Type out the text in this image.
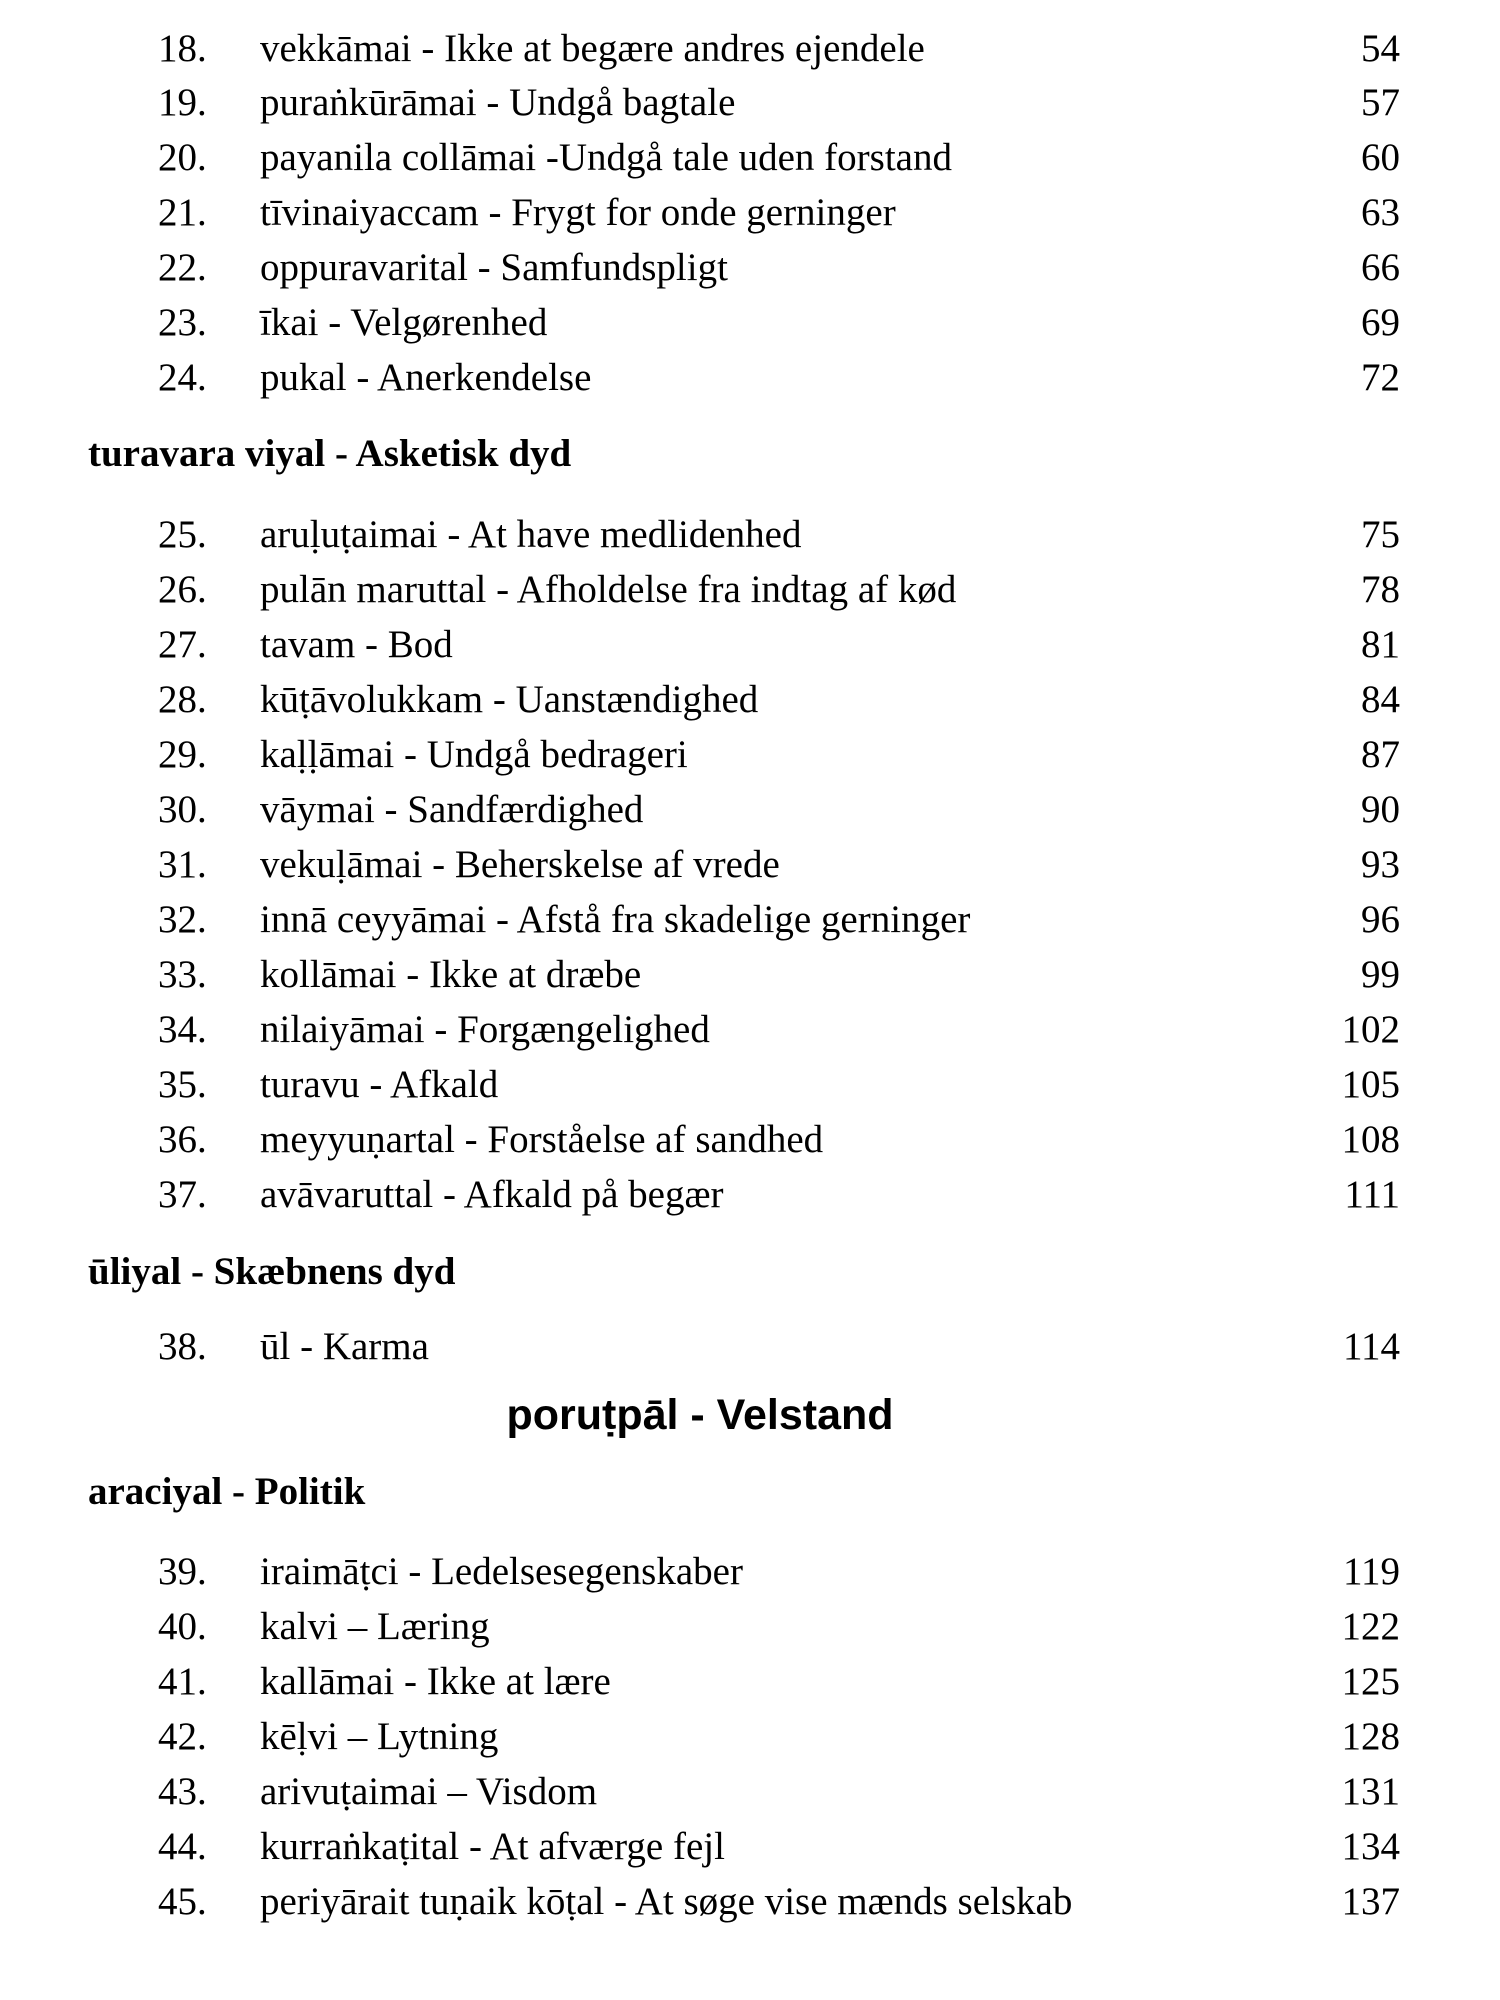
18.	vekkāmai - Ikke at begære andres ejendele	54
19.	puraṅkūrāmai - Undgå bagtale	57
20.	payanila collāmai -Undgå tale uden forstand	60
21.	tīvinaiyaccam - Frygt for onde gerninger	63
22.	oppuravarital - Samfundspligt	66
23.	īkai - Velgørenhed	69
24.	pukal - Anerkendelse	72
turavara viyal - Asketisk dyd
25.	aruḷuṭaimai - At have medlidenhed	75
26.	pulān maruttal - Afholdelse fra indtag af kød	78
27.	tavam - Bod	81
28.	kūṭāvolukkam - Uanstændighed	84
29.	kaḷḷāmai - Undgå bedrageri	87
30.	vāymai - Sandfærdighed	90
31.	vekuḷāmai - Beherskelse af vrede	93
32.	innā ceyyāmai - Afstå fra skadelige gerninger	96
33.	kollāmai - Ikke at dræbe	99
34.	nilaiyāmai - Forgængelighed	102
35.	turavu - Afkald	105
36.	meyyuṇartal - Forståelse af sandhed	108
37.	avāvaruttal - Afkald på begær	111
ūliyal - Skæbnens dyd
38.	ūl - Karma	114
poruṭpāl - Velstand
araciyal - Politik
39.	iraimāṭci - Ledelsesegenskaber	119
40.	kalvi – Læring	122
41.	kallāmai - Ikke at lære	125
42.	kēḷvi – Lytning	128
43.	arivuṭaimai – Visdom	131
44.	kurraṅkaṭital - At afværge fejl	134
45.	periyārait tuṇaik kōṭal - At søge vise mænds selskab	137
